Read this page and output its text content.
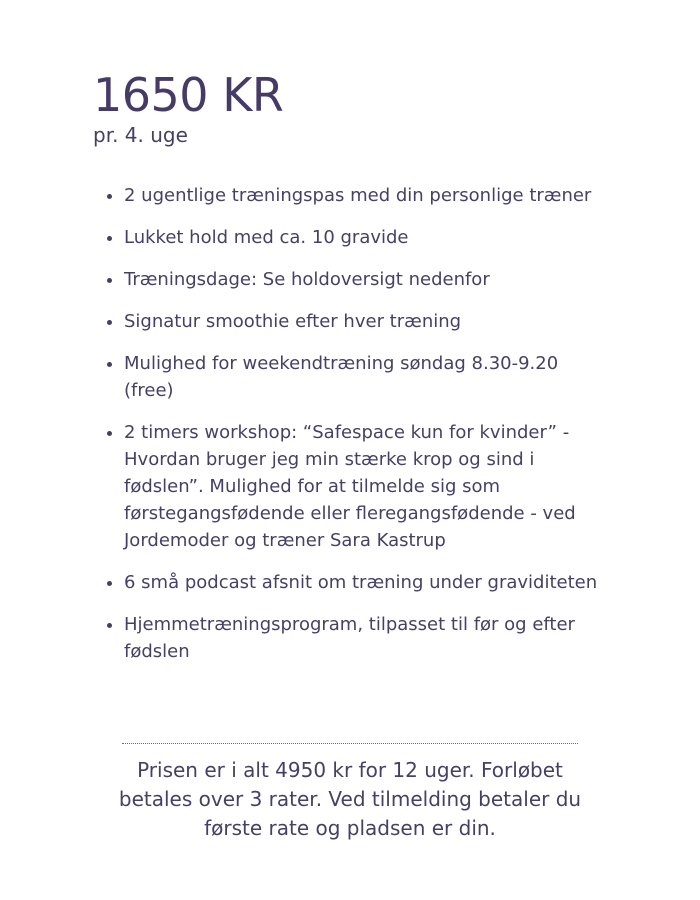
1650 KR
pr. 4. uge
• 2 ugentlige træningspas med din personlige træner
• Lukket hold med ca. 10 gravide
• Træningsdage: Se holdoversigt nedenfor
• Signatur smoothie efter hver træning
• Mulighed for weekendtræning søndag 8.30-9.20 (free)
• 2 timers workshop: “Safespace kun for kvinder” - Hvordan bruger jeg min stærke krop og sind i fødslen”. Mulighed for at tilmelde sig som førstegangsfødende eller fleregangsfødende - ved Jordemoder og træner Sara Kastrup
• 6 små podcast afsnit om træning under graviditeten
• Hjemmetræningsprogram, tilpasset til før og efter fødslen
Prisen er i alt 4950 kr for 12 uger. Forløbet
betales over 3 rater. Ved tilmelding betaler du
første rate og pladsen er din.
